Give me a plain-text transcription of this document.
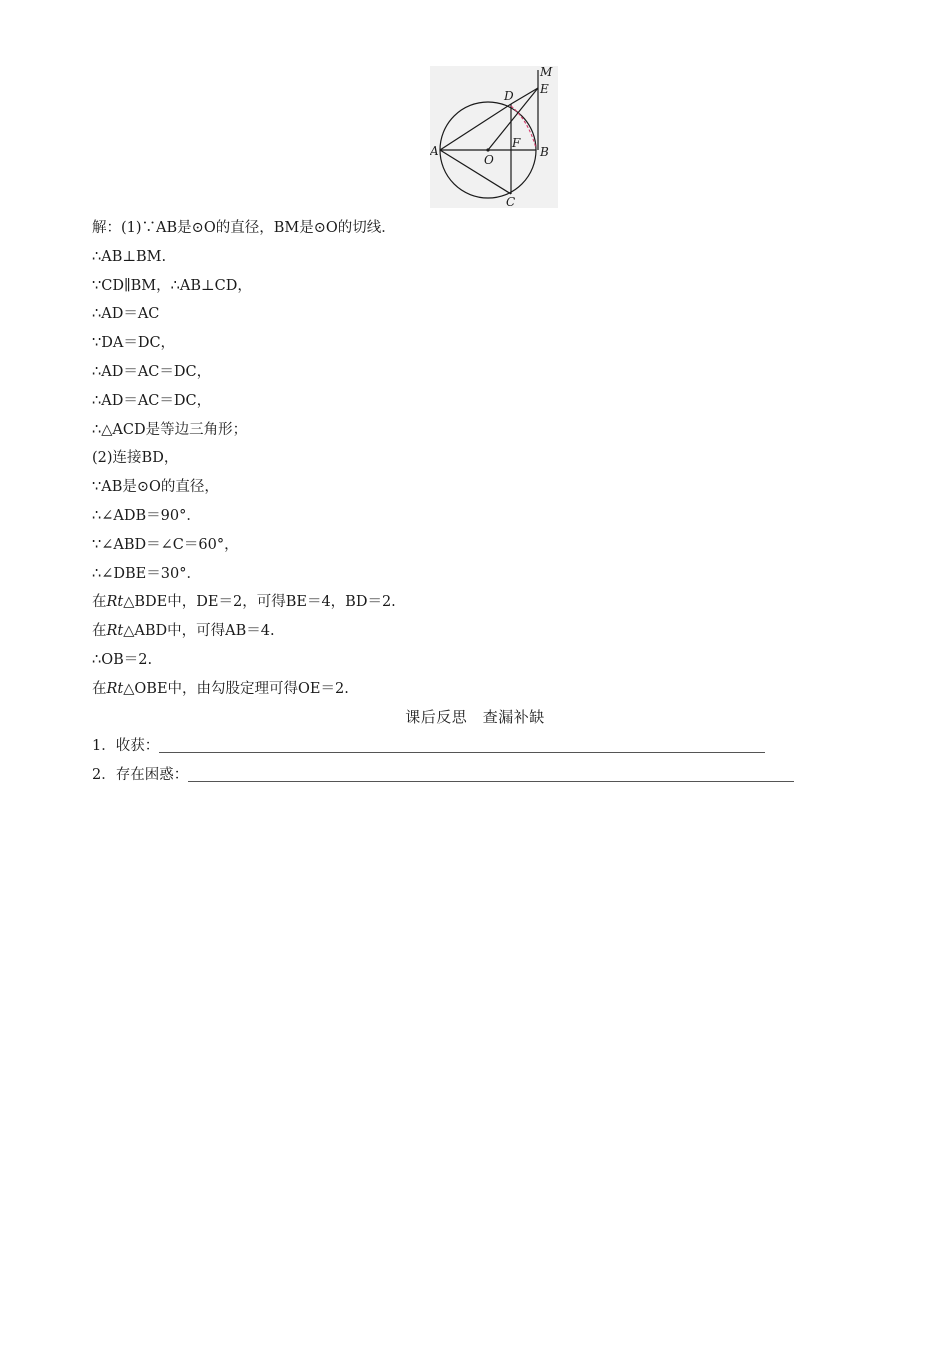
M
E
D
A
O
F
B
C
解：(1)∵AB是⊙O的直径，BM是⊙O的切线．
∴AB⊥BM.
∵CD∥BM，∴AB⊥CD，
∴AD＝AC
∵DA＝DC，
∴AD＝AC＝DC，
∴AD＝AC＝DC，
∴△ACD是等边三角形；
(2)连接BD，
∵AB是⊙O的直径，
∴∠ADB＝90°．
∵∠ABD＝∠C＝60°，
∴∠DBE＝30°．
在Rt△BDE中，DE＝2，可得BE＝4，BD＝2.
在Rt△ABD中，可得AB＝4.
∴OB＝2.
在Rt△OBE中，由勾股定理可得OE＝2.
课后反思　查漏补缺
1．收获：
2．存在困惑：
